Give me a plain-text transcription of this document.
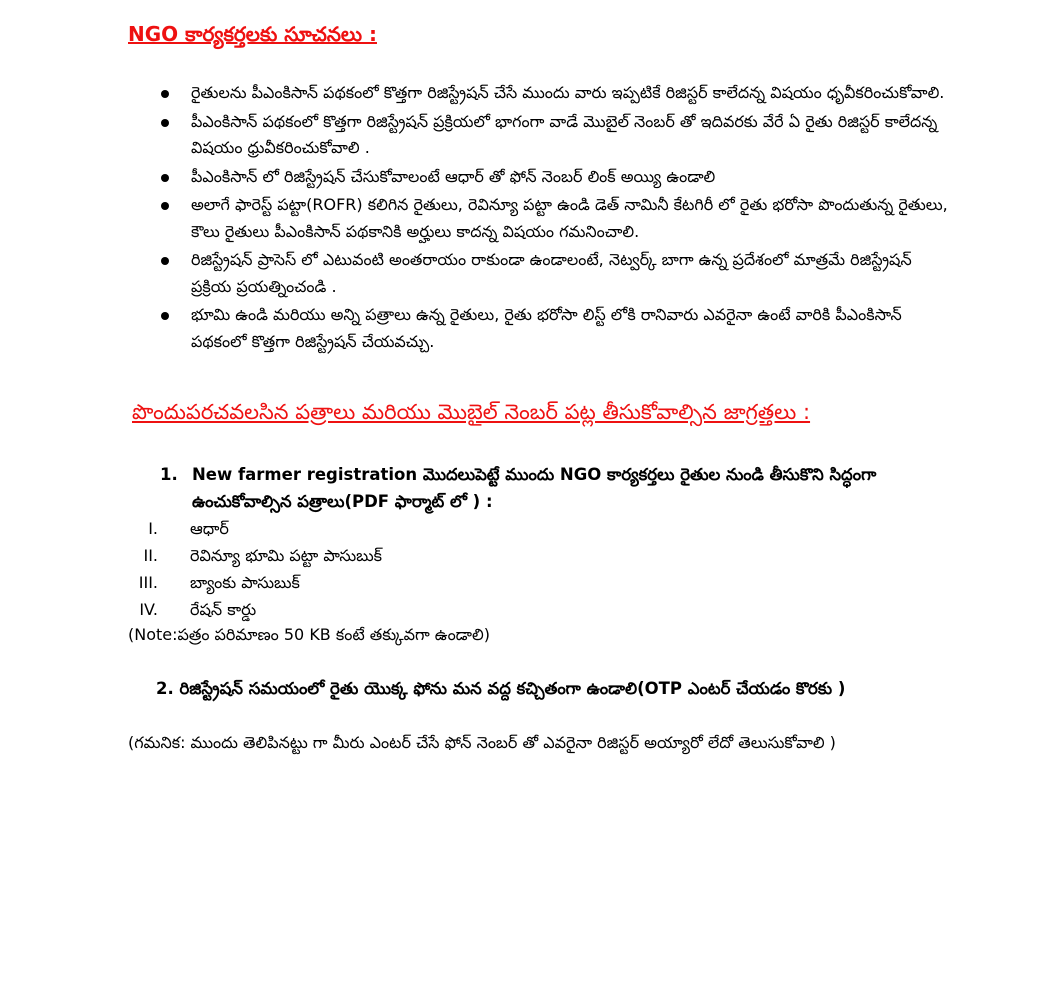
NGO కార్యకర్తలకు సూచనలు :
రైతులను పీఎంకిసాన్ పథకంలో కొత్తగా రిజిస్ట్రేషన్ చేసే ముందు వారు ఇప్పటికే రిజిస్టర్ కాలేదన్న విషయం ధృవీకరించుకోవాలి.
పీఎంకిసాన్ పథకంలో కొత్తగా రిజిస్ట్రేషన్ ప్రక్రియలో భాగంగా వాడే మొబైల్ నెంబర్ తో ఇదివరకు వేరే ఏ రైతు రిజిస్టర్ కాలేదన్న విషయం ధ్రువీకరించుకోవాలి .
పీఎంకిసాన్ లో రిజిస్ట్రేషన్ చేసుకోవాలంటే ఆధార్ తో ఫోన్ నెంబర్ లింక్ అయ్యి ఉండాలి
అలాగే ఫారెస్ట్ పట్టా(ROFR) కలిగిన రైతులు, రెవిన్యూ పట్టా ఉండి డెత్ నామినీ కేటగిరీ లో రైతు భరోసా పొందుతున్న రైతులు, కౌలు రైతులు పీఎంకిసాన్ పథకానికి అర్హులు కాదన్న విషయం గమనించాలి.
రిజిస్ట్రేషన్ ప్రాసెస్ లో ఎటువంటి అంతరాయం రాకుండా ఉండాలంటే, నెట్వర్క్ బాగా ఉన్న ప్రదేశంలో మాత్రమే రిజిస్ట్రేషన్ ప్రక్రియ ప్రయత్నించండి .
భూమి ఉండి మరియు అన్ని పత్రాలు ఉన్న రైతులు, రైతు భరోసా లిస్ట్ లోకి రానివారు ఎవరైనా ఉంటే వారికి పీఎంకిసాన్ పథకంలో కొత్తగా రిజిస్ట్రేషన్ చేయవచ్చు.
పొందుపరచవలసిన పత్రాలు మరియు మొబైల్ నెంబర్ పట్ల తీసుకోవాల్సిన జాగ్రత్తలు :
1. New farmer registration మొదలుపెట్టే ముందు NGO కార్యకర్తలు రైతుల నుండి తీసుకొని సిద్ధంగా ఉంచుకోవాల్సిన పత్రాలు(PDF ఫార్మాట్ లో ) :
I. ఆధార్
II. రెవిన్యూ భూమి పట్టా పాసుబుక్
III. బ్యాంకు పాసుబుక్
IV. రేషన్ కార్డు
(Note:పత్రం పరిమాణం 50 KB కంటే తక్కువగా ఉండాలి)
2. రిజిస్ట్రేషన్ సమయంలో రైతు యొక్క ఫోను మన వద్ద కచ్చితంగా ఉండాలి(OTP ఎంటర్ చేయడం కొరకు )
(గమనిక: ముందు తెలిపినట్టు గా మీరు ఎంటర్ చేసే ఫోన్ నెంబర్ తో ఎవరైనా రిజిస్టర్ అయ్యారో లేదో తెలుసుకోవాలి )
